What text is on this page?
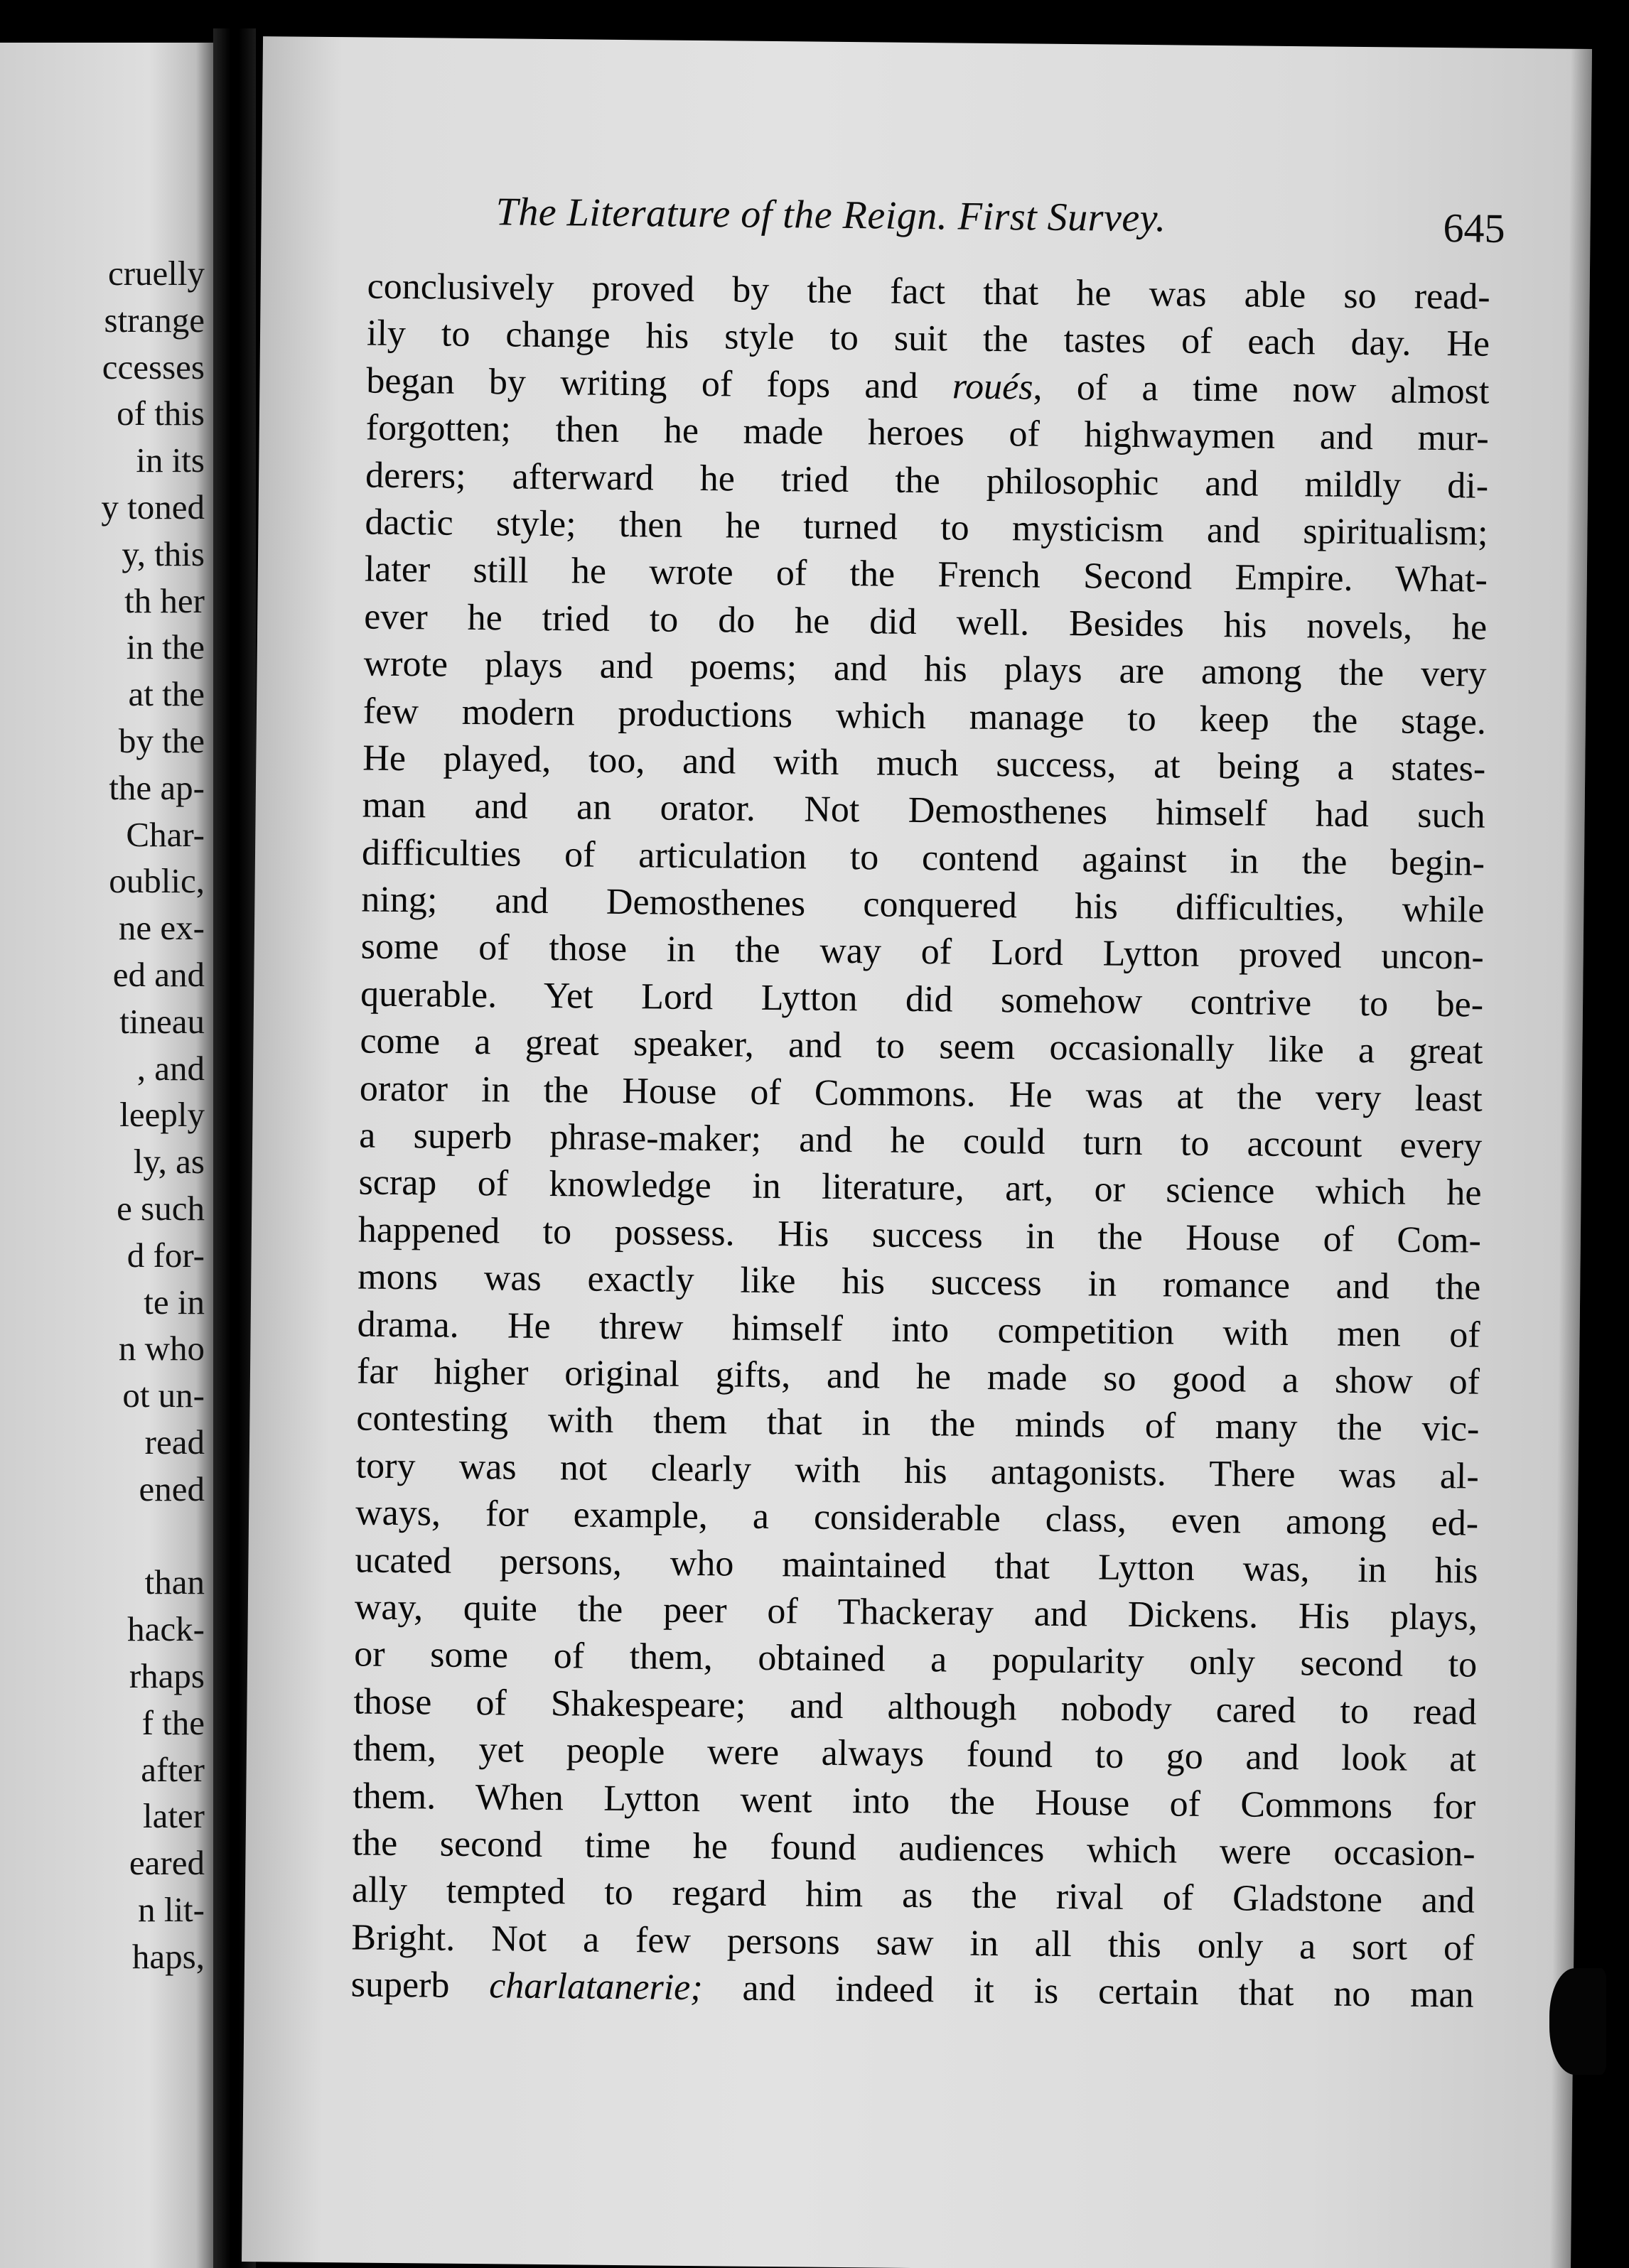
cruelly
strange
ccesses
of this
in its
y toned
y, this
th her
in the
at the
by the
the ap-
Char-
oublic,
ne ex-
ed and
tineau
, and
leeply
ly, as
e such
d for-
te in
n who
ot un-
read
ened
than
hack-
rhaps
f the
after
later
eared
n lit-
haps,
The Literature of the Reign. First Survey.	645
conclusively proved by the fact that he was able so read-
ily to change his style to suit the tastes of each day. He
began by writing of fops and roués, of a time now almost
forgotten; then he made heroes of highwaymen and mur-
derers; afterward he tried the philosophic and mildly di-
dactic style; then he turned to mysticism and spiritualism;
later still he wrote of the French Second Empire. What-
ever he tried to do he did well. Besides his novels, he
wrote plays and poems; and his plays are among the very
few modern productions which manage to keep the stage.
He played, too, and with much success, at being a states-
man and an orator. Not Demosthenes himself had such
difficulties of articulation to contend against in the begin-
ning; and Demosthenes conquered his difficulties, while
some of those in the way of Lord Lytton proved uncon-
querable. Yet Lord Lytton did somehow contrive to be-
come a great speaker, and to seem occasionally like a great
orator in the House of Commons. He was at the very least
a superb phrase-maker; and he could turn to account every
scrap of knowledge in literature, art, or science which he
happened to possess. His success in the House of Com-
mons was exactly like his success in romance and the
drama. He threw himself into competition with men of
far higher original gifts, and he made so good a show of
contesting with them that in the minds of many the vic-
tory was not clearly with his antagonists. There was al-
ways, for example, a considerable class, even among ed-
ucated persons, who maintained that Lytton was, in his
way, quite the peer of Thackeray and Dickens. His plays,
or some of them, obtained a popularity only second to
those of Shakespeare; and although nobody cared to read
them, yet people were always found to go and look at
them. When Lytton went into the House of Commons for
the second time he found audiences which were occasion-
ally tempted to regard him as the rival of Gladstone and
Bright. Not a few persons saw in all this only a sort of
superb charlatanerie; and indeed it is certain that no man
